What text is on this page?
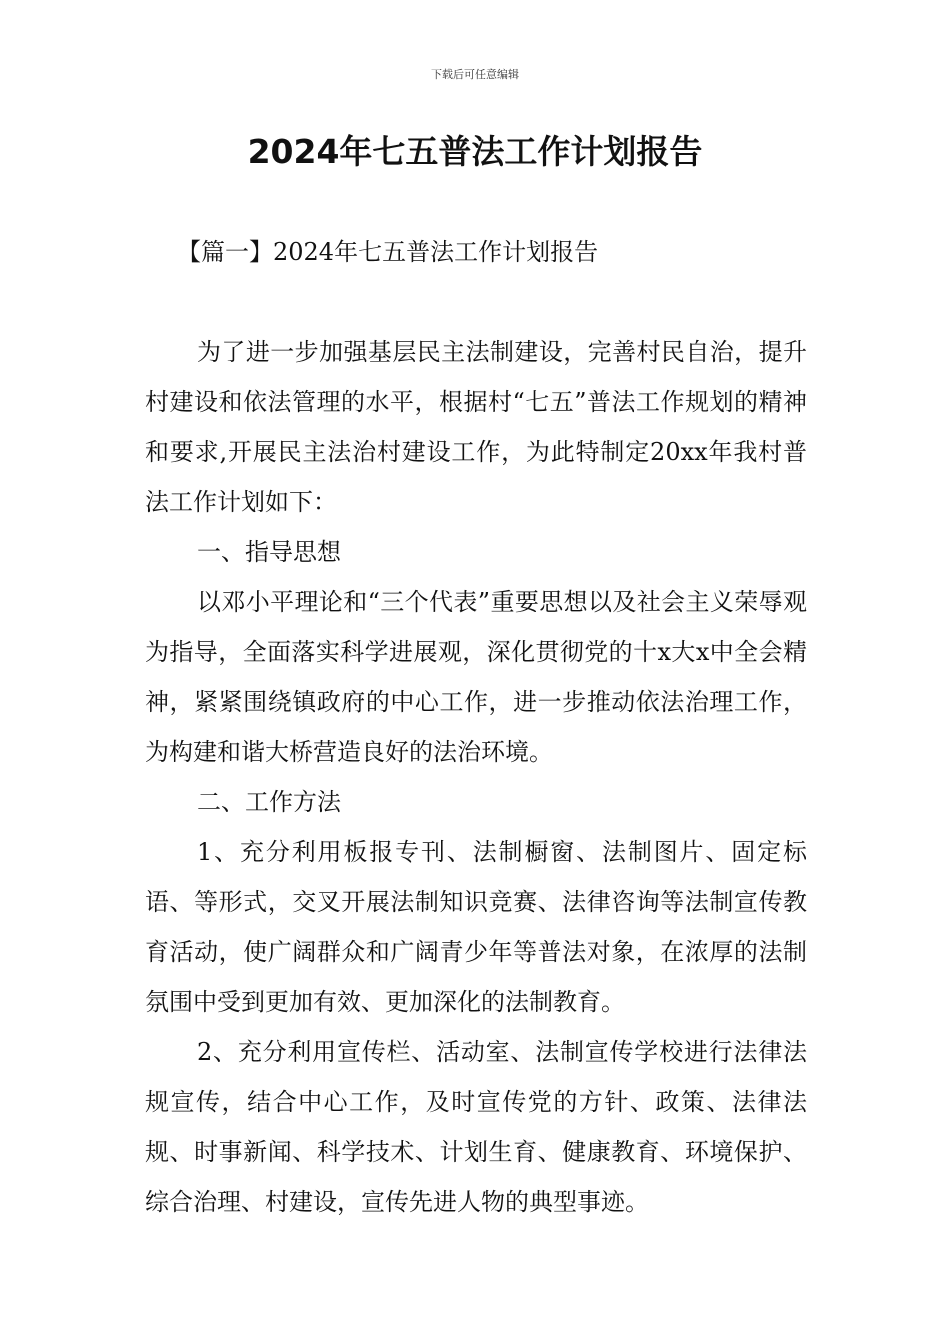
下载后可任意编辑
2024年七五普法工作计划报告
【篇一】2024年七五普法工作计划报告

为了进一步加强基层民主法制建设，完善村民自治，提升村建设和依法管理的水平，根据村“七五”普法工作规划的精神和要求,开展民主法治村建设工作，为此特制定20xx年我村普法工作计划如下：

一、指导思想

以邓小平理论和“三个代表”重要思想以及社会主义荣辱观为指导，全面落实科学进展观，深化贯彻党的十x大x中全会精神，紧紧围绕镇政府的中心工作，进一步推动依法治理工作，为构建和谐大桥营造良好的法治环境。

二、工作方法

1、充分利用板报专刊、法制橱窗、法制图片、固定标语、等形式，交叉开展法制知识竞赛、法律咨询等法制宣传教育活动，使广阔群众和广阔青少年等普法对象，在浓厚的法制氛围中受到更加有效、更加深化的法制教育。

2、充分利用宣传栏、活动室、法制宣传学校进行法律法规宣传，结合中心工作，及时宣传党的方针、政策、法律法规、时事新闻、科学技术、计划生育、健康教育、环境保护、综合治理、村建设，宣传先进人物的典型事迹。
